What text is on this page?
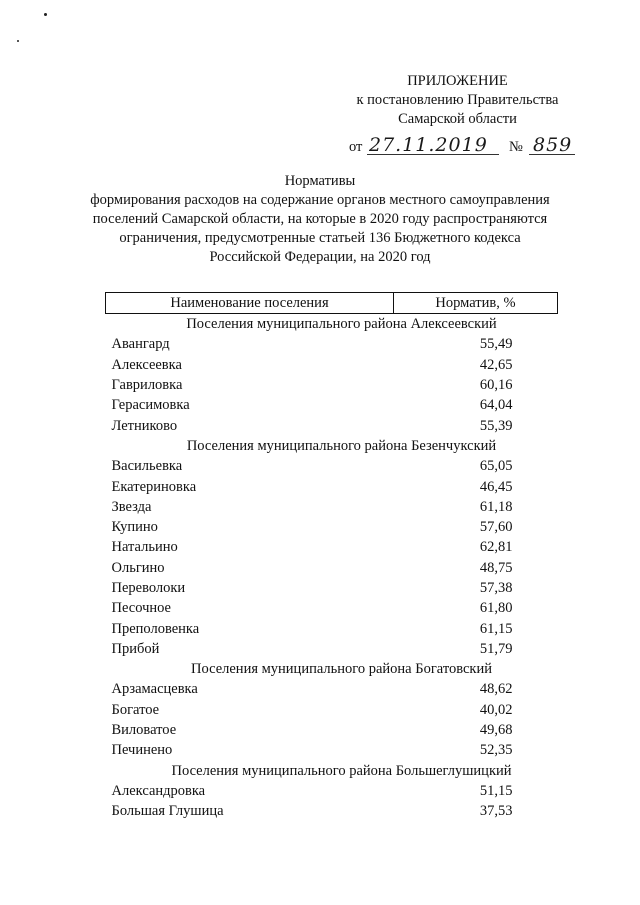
ПРИЛОЖЕНИЕ
к постановлению Правительства
Самарской области
от 27.11.2019 № 859
Нормативы
формирования расходов на содержание органов местного самоуправления
поселений Самарской области, на которые в 2020 году распространяются
ограничения, предусмотренные статьей 136 Бюджетного кодекса
Российской Федерации, на 2020 год
Наименование поселения	Норматив, %
Поселения муниципального района Алексеевский	
Авангард	55,49
Алексеевка	42,65
Гавриловка	60,16
Герасимовка	64,04
Летниково	55,39
Поселения муниципального района Безенчукский	
Васильевка	65,05
Екатериновка	46,45
Звезда	61,18
Купино	57,60
Натальино	62,81
Ольгино	48,75
Переволоки	57,38
Песочное	61,80
Преполовенка	61,15
Прибой	51,79
Поселения муниципального района Богатовский	
Арзамасцевка	48,62
Богатое	40,02
Виловатое	49,68
Печинено	52,35
Поселения муниципального района Большеглушицкий	
Александровка	51,15
Большая Глушица	37,53
